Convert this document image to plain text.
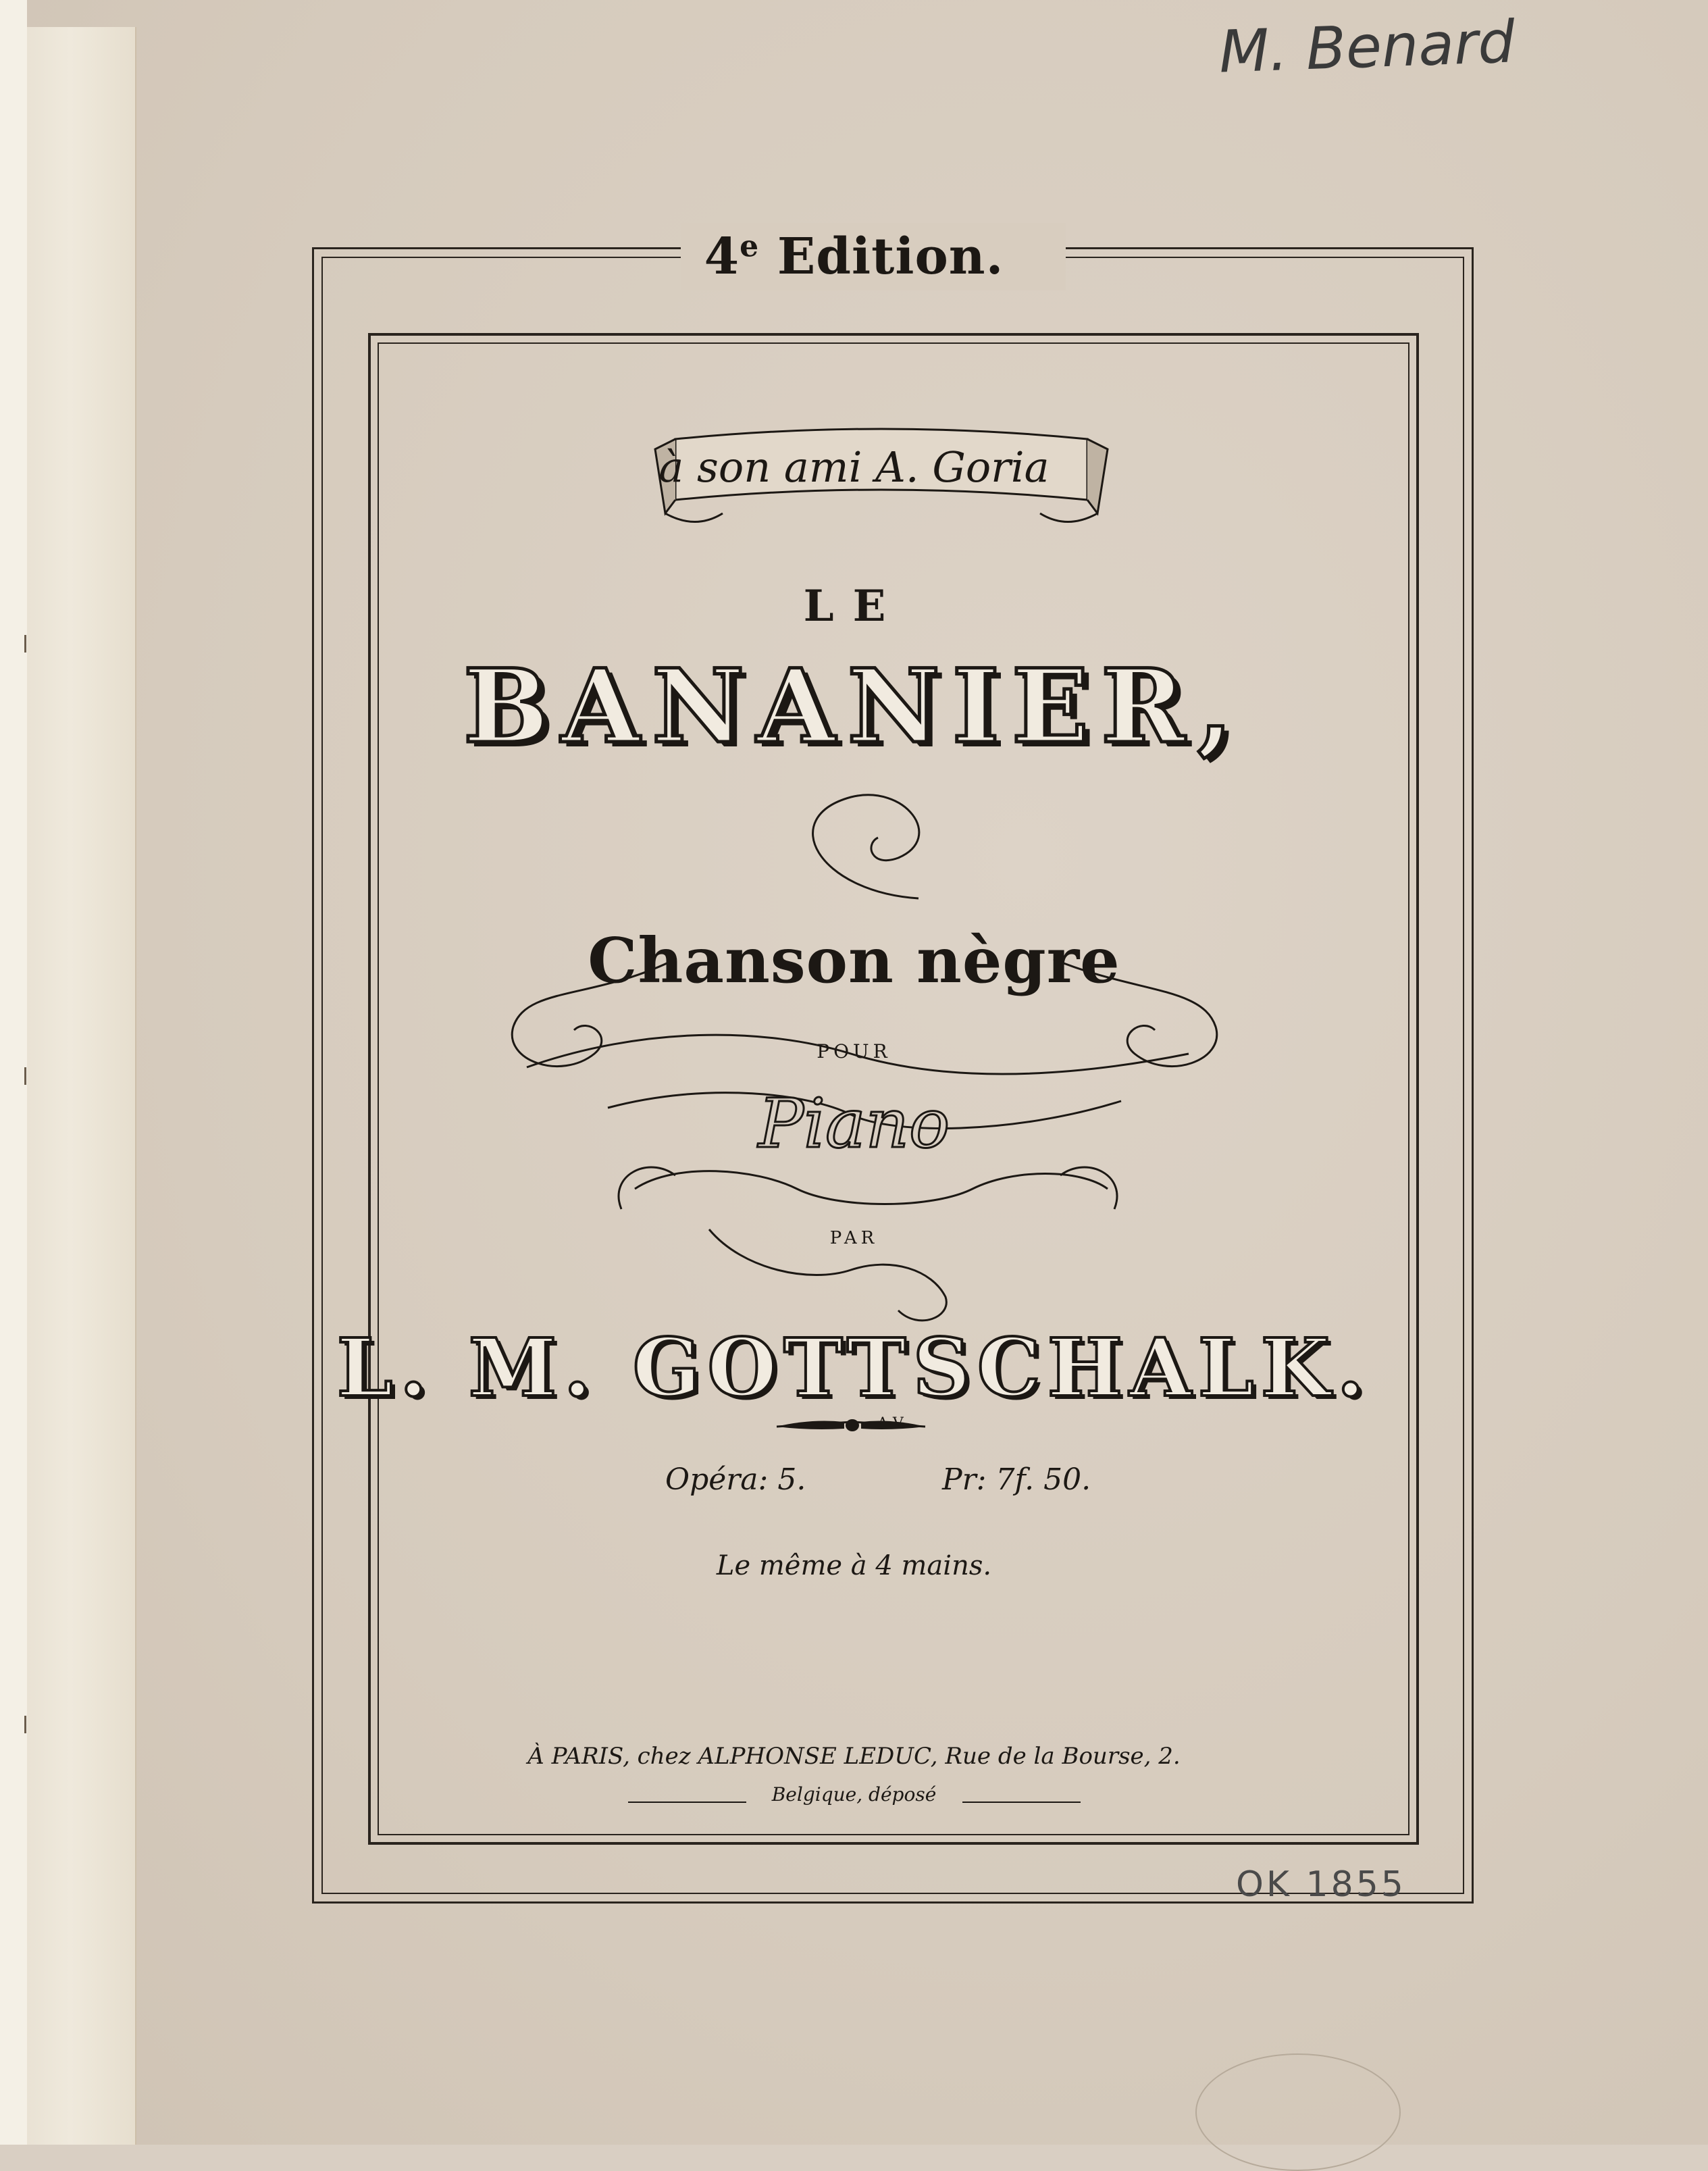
4e Edition.
à son ami A. Goria
LE
BANANIER,
Chanson nègre
POUR
Piano
PAR
L. M. GOTTSCHALK.
A.V.
Opéra: 5.	Pr: 7f. 50.
Le même à 4 mains.
À PARIS, chez ALPHONSE LEDUC, Rue de la Bourse, 2.
Belgique, déposé
M. Benard
OK 1855
